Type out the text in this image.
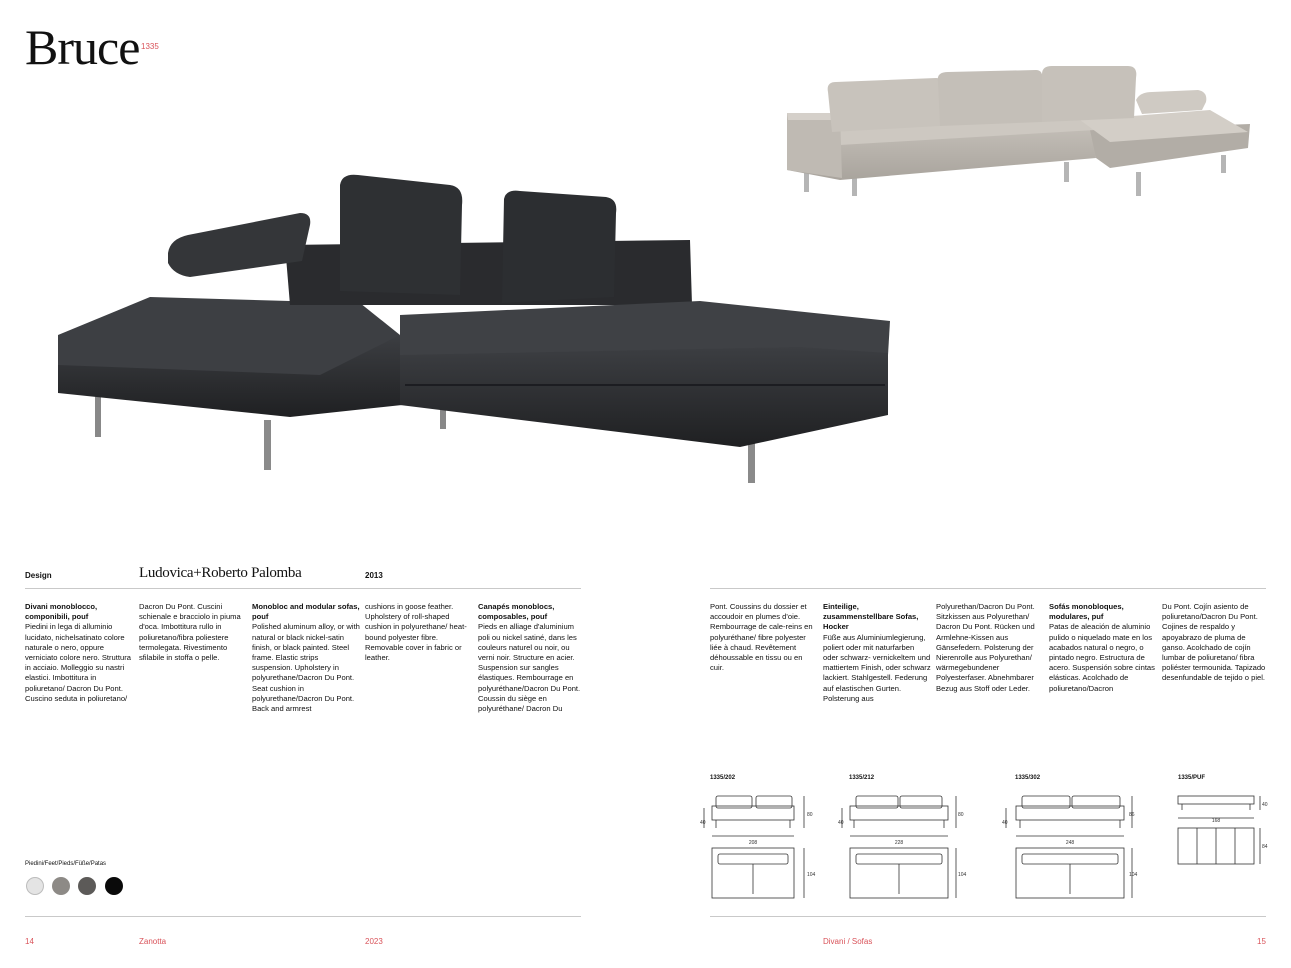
Bruce 1335
Design	Ludovica+Roberto Palomba	2013
Divani monoblocco, componibili, pouf

Piedini in lega di alluminio lucidato, nichelsatinato colore naturale o nero, oppure verniciato colore nero. Struttura in acciaio. Molleggio su nastri elastici. Imbottitura in poliuretano/ Dacron Du Pont. Cuscino seduta in poliuretano/

Dacron Du Pont. Cuscini schienale e bracciolo in piuma d'oca. Imbottitura rullo in poliuretano/fibra poliestere termolegata. Rivestimento sfilabile in stoffa o pelle.

Monobloc and modular sofas, pouf

Polished aluminum alloy, or with natural or black nickel-satin finish, or black painted. Steel frame. Elastic strips suspension. Upholstery in polyurethane/Dacron Du Pont. Seat cushion in polyurethane/Dacron Du Pont. Back and armrest

cushions in goose feather. Upholstery of roll-shaped cushion in polyurethane/ heat-bound polyester fibre. Removable cover in fabric or leather.

Canapés monoblocs, composables, pouf

Pieds en alliage d'aluminium poli ou nickel satiné, dans les couleurs naturel ou noir, ou verni noir. Structure en acier. Suspension sur sangles élastiques. Rembourrage en polyuréthane/Dacron Du Pont. Coussin du siège en polyuréthane/ Dacron Du

Pont. Coussins du dossier et accoudoir en plumes d'oie. Rembourrage de cale-reins en polyuréthane/ fibre polyester liée à chaud. Revêtement déhoussable en tissu ou en cuir.

Einteilige, zusammenstellbare Sofas, Hocker

Füße aus Aluminiumlegierung, poliert oder mit naturfarben oder schwarz- vernickeltem und mattiertem Finish, oder schwarz lackiert. Stahlgestell. Federung auf elastischen Gurten. Polsterung aus

Polyurethan/Dacron Du Pont. Sitzkissen aus Polyurethan/ Dacron Du Pont. Rücken und Armlehne-Kissen aus Gänsefedern. Polsterung der Nierenrolle aus Polyurethan/ wärmegebundener Polyesterfaser. Abnehmbarer Bezug aus Stoff oder Leder.

Sofás monobloques, modulares, puf

Patas de aleación de aluminio pulido o niquelado mate en los acabados natural o negro, o pintado negro. Estructura de acero. Suspensión sobre cintas elásticas. Acolchado de poliuretano/Dacron

Du Pont. Cojín asiento de poliuretano/Dacron Du Pont. Cojines de respaldo y apoyabrazo de pluma de ganso. Acolchado de cojín lumbar de poliuretano/ fibra poliéster termounida. Tapizado desenfundable de tejido o piel.

Piedini/Feet/Pieds/Füße/Patas
1335/202	1335/212	1335/302	1335/PUF
208
80
40
104
228
80
40
104
248
86
40
104
168
40
84
14	Zanotta	2023	Divani / Sofas	15
